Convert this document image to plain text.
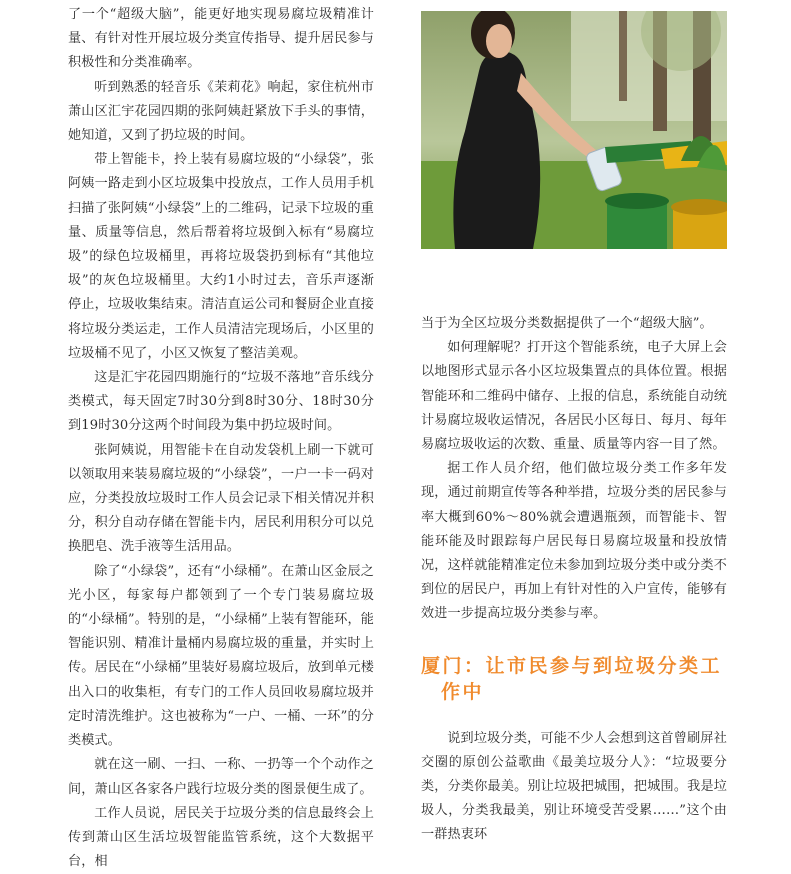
了一个“超级大脑”，能更好地实现易腐垃圾精准计量、有针对性开展垃圾分类宣传指导、提升居民参与积极性和分类准确率。

听到熟悉的轻音乐《茉莉花》响起，家住杭州市萧山区汇宇花园四期的张阿姨赶紧放下手头的事情，她知道，又到了扔垃圾的时间。

带上智能卡，拎上装有易腐垃圾的“小绿袋”，张阿姨一路走到小区垃圾集中投放点，工作人员用手机扫描了张阿姨“小绿袋”上的二维码，记录下垃圾的重量、质量等信息，然后帮着将垃圾倒入标有“易腐垃圾”的绿色垃圾桶里，再将垃圾袋扔到标有“其他垃圾”的灰色垃圾桶里。大约1小时过去，音乐声逐渐停止，垃圾收集结束。清洁直运公司和餐厨企业直接将垃圾分类运走，工作人员清洁完现场后，小区里的垃圾桶不见了，小区又恢复了整洁美观。

这是汇宇花园四期施行的“垃圾不落地”音乐线分类模式，每天固定7时30分到8时30分、18时30分到19时30分这两个时间段为集中扔垃圾时间。

张阿姨说，用智能卡在自动发袋机上刷一下就可以领取用来装易腐垃圾的“小绿袋”，一户一卡一码对应，分类投放垃圾时工作人员会记录下相关情况并积分，积分自动存储在智能卡内，居民利用积分可以兑换肥皂、洗手液等生活用品。

除了“小绿袋”，还有“小绿桶”。在萧山区金辰之光小区，每家每户都领到了一个专门装易腐垃圾的“小绿桶”。特别的是，“小绿桶”上装有智能环，能智能识别、精准计量桶内易腐垃圾的重量，并实时上传。居民在“小绿桶”里装好易腐垃圾后，放到单元楼出入口的收集柜，有专门的工作人员回收易腐垃圾并定时清洗维护。这也被称为“一户、一桶、一环”的分类模式。

就在这一刷、一扫、一称、一扔等一个个动作之间，萧山区各家各户践行垃圾分类的图景便生成了。

工作人员说，居民关于垃圾分类的信息最终会上传到萧山区生活垃圾智能监管系统，这个大数据平台，相

当于为全区垃圾分类数据提供了一个“超级大脑”。

如何理解呢？打开这个智能系统，电子大屏上会以地图形式显示各小区垃圾集置点的具体位置。根据智能环和二维码中储存、上报的信息，系统能自动统计易腐垃圾收运情况，各居民小区每日、每月、每年易腐垃圾收运的次数、重量、质量等内容一目了然。

据工作人员介绍，他们做垃圾分类工作多年发现，通过前期宣传等各种举措，垃圾分类的居民参与率大概到60%～80%就会遭遇瓶颈，而智能卡、智能环能及时跟踪每户居民每日易腐垃圾量和投放情况，这样就能精准定位未参加到垃圾分类中或分类不到位的居民户，再加上有针对性的入户宣传，能够有效进一步提高垃圾分类参与率。

厦门：让市民参与到垃圾分类工作中

说到垃圾分类，可能不少人会想到这首曾刷屏社交圈的原创公益歌曲《最美垃圾分人》：“垃圾要分类，分类你最美。别让垃圾把城围，把城围。我是垃圾人，分类我最美，别让环境受苦受累……”这个由一群热衷环
